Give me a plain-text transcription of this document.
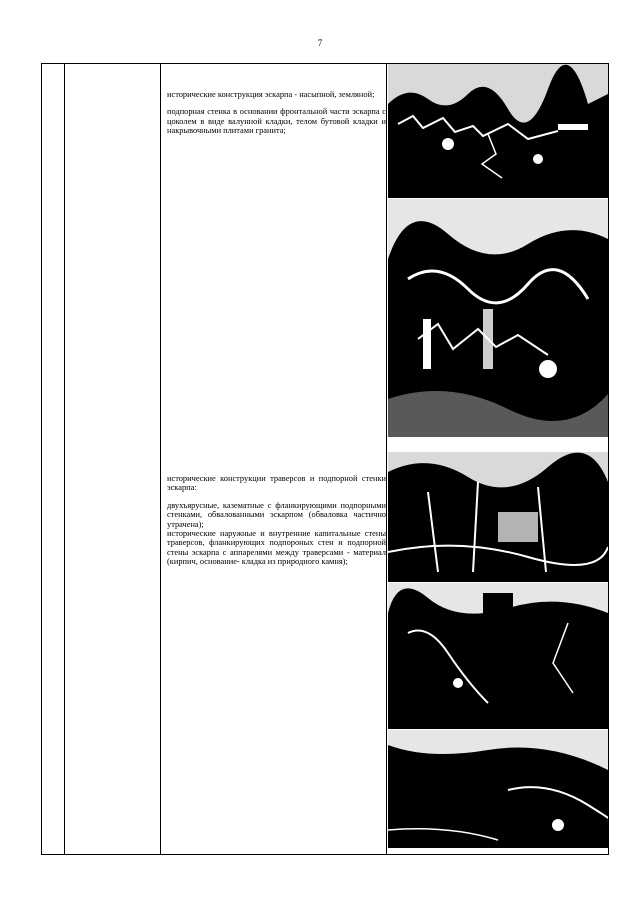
7

исторические конструкция эскарпа - насыпной, земляной;

подпорная стенка в основании фронтальной части эскарпа с цоколем в виде валунной кладки, телом бутовой кладки и накрывочными плитами гранита;

исторические конструкции траверсов и подпорной стенки эскарпа:

двухъярусные, казематные с фланкирующими подпорными стенками, обвалованными эскарпом (обваловка частично утрачена);

исторические наружные и внутренние капитальные стены траверсов, фланкирующих подпороных стен и подпорной стены эскарпа с аппарелями между траверсами - материал (кирпич, основание- кладка из природного камня);
